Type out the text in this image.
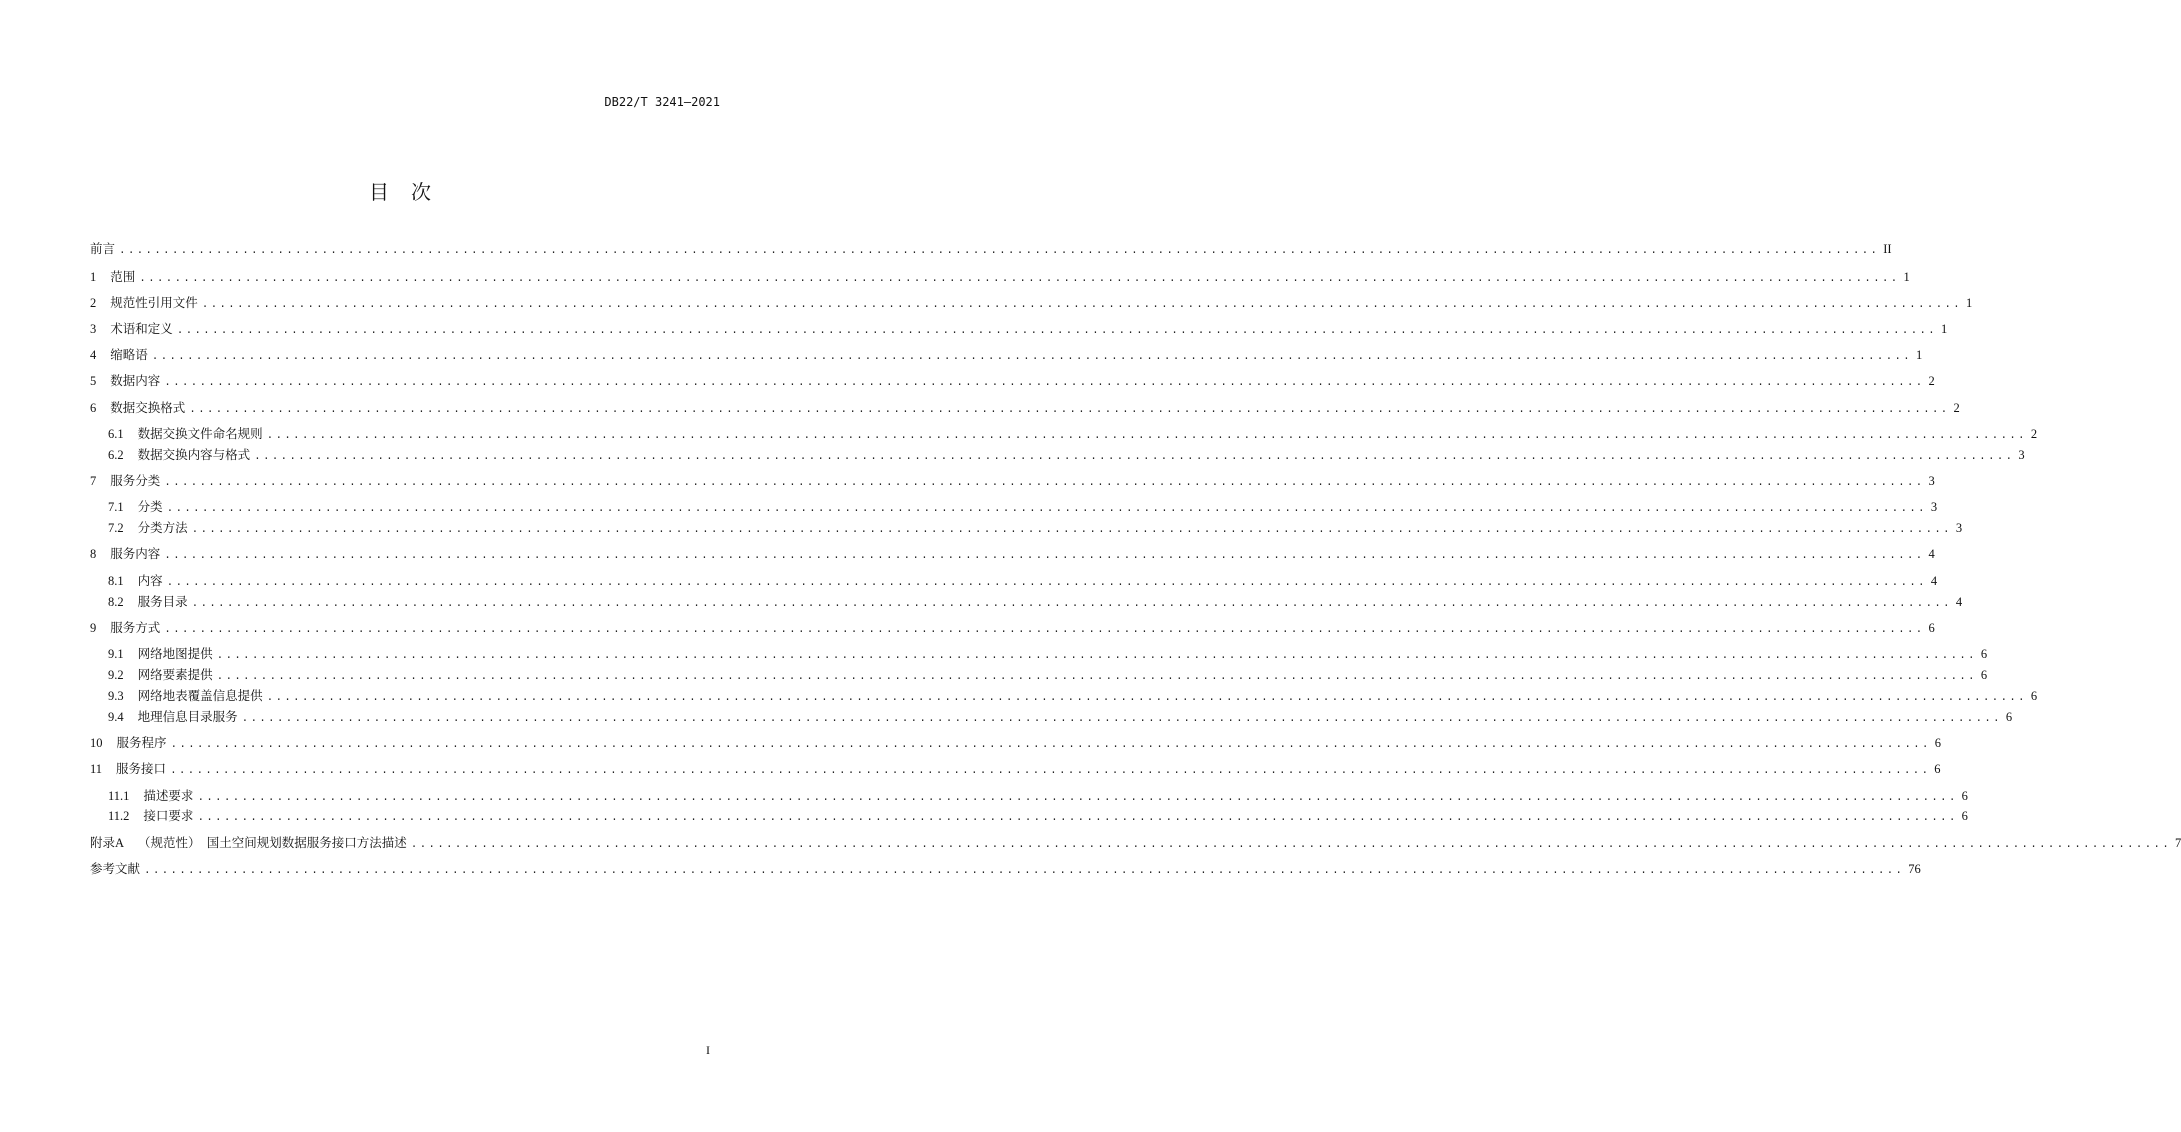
DB22/T 3241—2021
目次
前言 ........................................................................................................................................................................................................ II
1 范围 ........................................................................................................................................................................................................ 1
2 规范性引用文件 ........................................................................................................................................................................................................ 1
3 术语和定义 ........................................................................................................................................................................................................ 1
4 缩略语 ........................................................................................................................................................................................................ 1
5 数据内容 ........................................................................................................................................................................................................ 2
6 数据交换格式 ........................................................................................................................................................................................................ 2
6.1 数据交换文件命名规则 ........................................................................................................................................................................................................ 2
6.2 数据交换内容与格式 ........................................................................................................................................................................................................ 3
7 服务分类 ........................................................................................................................................................................................................ 3
7.1 分类 ........................................................................................................................................................................................................ 3
7.2 分类方法 ........................................................................................................................................................................................................ 3
8 服务内容 ........................................................................................................................................................................................................ 4
8.1 内容 ........................................................................................................................................................................................................ 4
8.2 服务目录 ........................................................................................................................................................................................................ 4
9 服务方式 ........................................................................................................................................................................................................ 6
9.1 网络地图提供 ........................................................................................................................................................................................................ 6
9.2 网络要素提供 ........................................................................................................................................................................................................ 6
9.3 网络地表覆盖信息提供 ........................................................................................................................................................................................................ 6
9.4 地理信息目录服务 ........................................................................................................................................................................................................ 6
10 服务程序 ........................................................................................................................................................................................................ 6
11 服务接口 ........................................................................................................................................................................................................ 6
11.1 描述要求 ........................................................................................................................................................................................................ 6
11.2 接口要求 ........................................................................................................................................................................................................ 6
附录A （规范性）　国土空间规划数据服务接口方法描述 ........................................................................................................................................................................................................ 7
参考文献 ........................................................................................................................................................................................................ 76
I
